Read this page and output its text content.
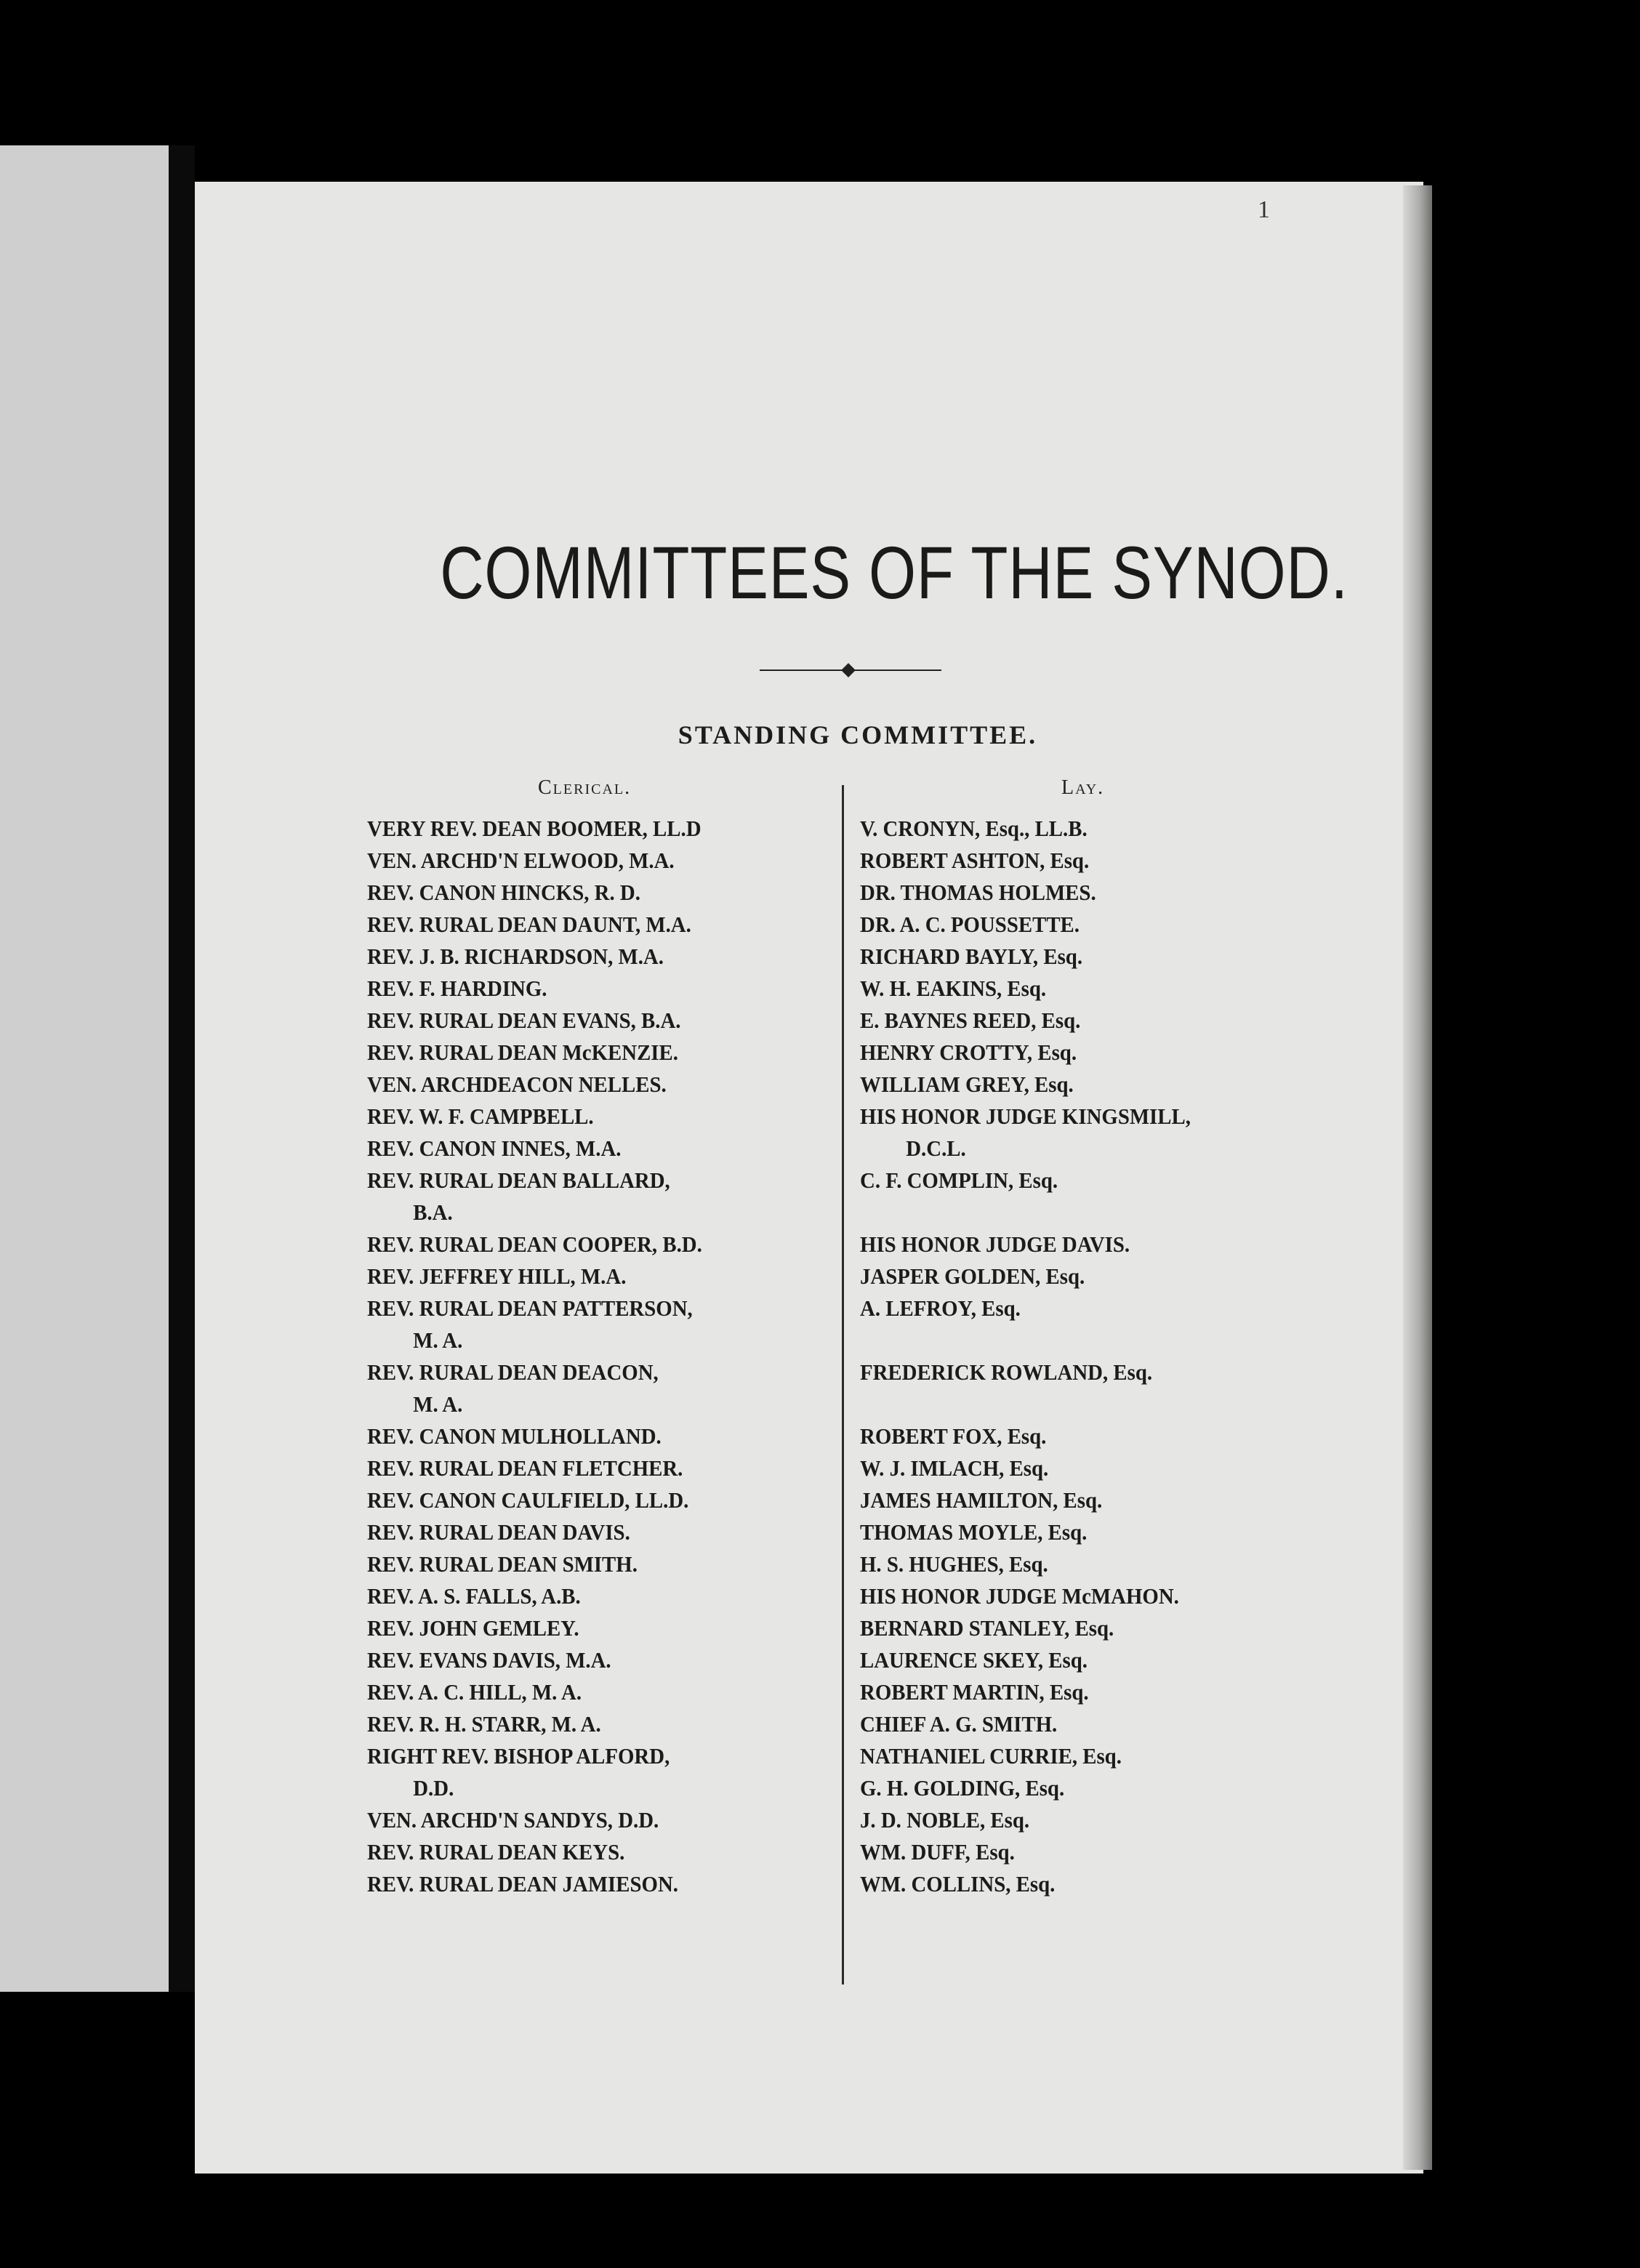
1
COMMITTEES OF THE SYNOD.
STANDING COMMITTEE.
Clerical.	Lay.
VERY REV. DEAN BOOMER, LL.D
VEN. ARCHD'N ELWOOD, M.A.
REV. CANON HINCKS, R. D.
REV. RURAL DEAN DAUNT, M.A.
REV. J. B. RICHARDSON, M.A.
REV. F. HARDING.
REV. RURAL DEAN EVANS, B.A.
REV. RURAL DEAN McKENZIE.
VEN. ARCHDEACON NELLES.
REV. W. F. CAMPBELL.
REV. CANON INNES, M.A.
REV. RURAL DEAN BALLARD,
B.A.
REV. RURAL DEAN COOPER, B.D.
REV. JEFFREY HILL, M.A.
REV. RURAL DEAN PATTERSON,
M. A.
REV. RURAL DEAN DEACON,
M. A.
REV. CANON MULHOLLAND.
REV. RURAL DEAN FLETCHER.
REV. CANON CAULFIELD, LL.D.
REV. RURAL DEAN DAVIS.
REV. RURAL DEAN SMITH.
REV. A. S. FALLS, A.B.
REV. JOHN GEMLEY.
REV. EVANS DAVIS, M.A.
REV. A. C. HILL, M. A.
REV. R. H. STARR, M. A.
RIGHT REV. BISHOP ALFORD,
D.D.
VEN. ARCHD'N SANDYS, D.D.
REV. RURAL DEAN KEYS.
REV. RURAL DEAN JAMIESON.
V. CRONYN, Esq., LL.B.
ROBERT ASHTON, Esq.
DR. THOMAS HOLMES.
DR. A. C. POUSSETTE.
RICHARD BAYLY, Esq.
W. H. EAKINS, Esq.
E. BAYNES REED, Esq.
HENRY CROTTY, Esq.
WILLIAM GREY, Esq.
HIS HONOR JUDGE KINGSMILL,
D.C.L.
C. F. COMPLIN, Esq.

HIS HONOR JUDGE DAVIS.
JASPER GOLDEN, Esq.
A. LEFROY, Esq.

FREDERICK ROWLAND, Esq.

ROBERT FOX, Esq.
W. J. IMLACH, Esq.
JAMES HAMILTON, Esq.
THOMAS MOYLE, Esq.
H. S. HUGHES, Esq.
HIS HONOR JUDGE McMAHON.
BERNARD STANLEY, Esq.
LAURENCE SKEY, Esq.
ROBERT MARTIN, Esq.
CHIEF A. G. SMITH.
NATHANIEL CURRIE, Esq.
G. H. GOLDING, Esq.
J. D. NOBLE, Esq.
WM. DUFF, Esq.
WM. COLLINS, Esq.
